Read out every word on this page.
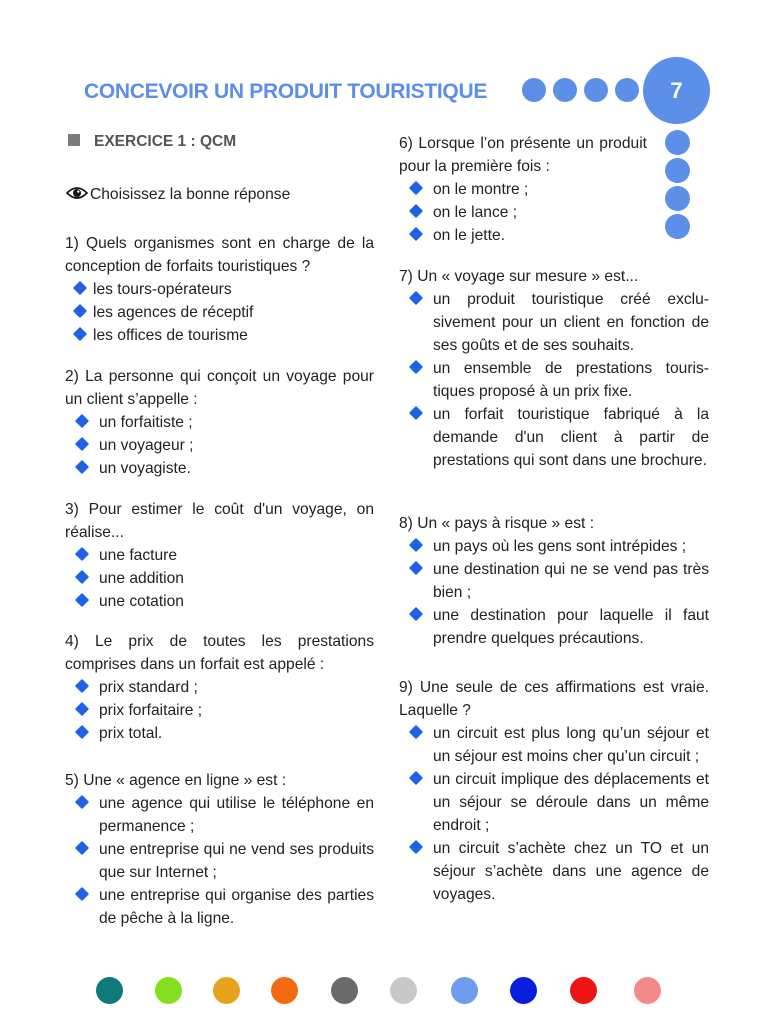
CONCEVOIR UN PRODUIT TOURISTIQUE	7
EXERCICE 1 : QCM
Choisissez la bonne réponse

1) Quels organismes sont en charge de la conception de forfaits touristiques ?

les tours-opérateurs
les agences de réceptif
les offices de tourisme

2) La personne qui conçoit un voyage pour un client s’appelle :

un forfaitiste ;
un voyageur ;
un voyagiste.

3) Pour estimer le coût d'un voyage, on réalise...

une facture
une addition
une cotation

4) Le prix de toutes les prestations comprises dans un forfait est appelé :

prix standard ;
prix forfaitaire ;
prix total.

5) Une « agence en ligne » est :

une agence qui utilise le téléphone en permanence ;
une entreprise qui ne vend ses produits que sur Internet ;
une entreprise qui organise des parties de pêche à la ligne.

6) Lorsque l’on présente un produit pour la première fois :

on le montre ;
on le lance ;
on le jette.

7) Un « voyage sur mesure » est...

un produit touristique créé exclu-sivement pour un client en fonction de ses goûts et de ses souhaits.
un ensemble de prestations touris-tiques proposé à un prix fixe.
un forfait touristique fabriqué à la demande d'un client à partir de prestations qui sont dans une brochure.

8) Un « pays à risque » est :

un pays où les gens sont intrépides ;
une destination qui ne se vend pas très bien ;
une destination pour laquelle il faut prendre quelques précautions.

9) Une seule de ces affirmations est vraie. Laquelle ?

un circuit est plus long qu’un séjour et un séjour est moins cher qu’un circuit ;
un circuit implique des déplacements et un séjour se déroule dans un même endroit ;
un circuit s’achète chez un TO et un séjour s’achète dans une agence de voyages.
